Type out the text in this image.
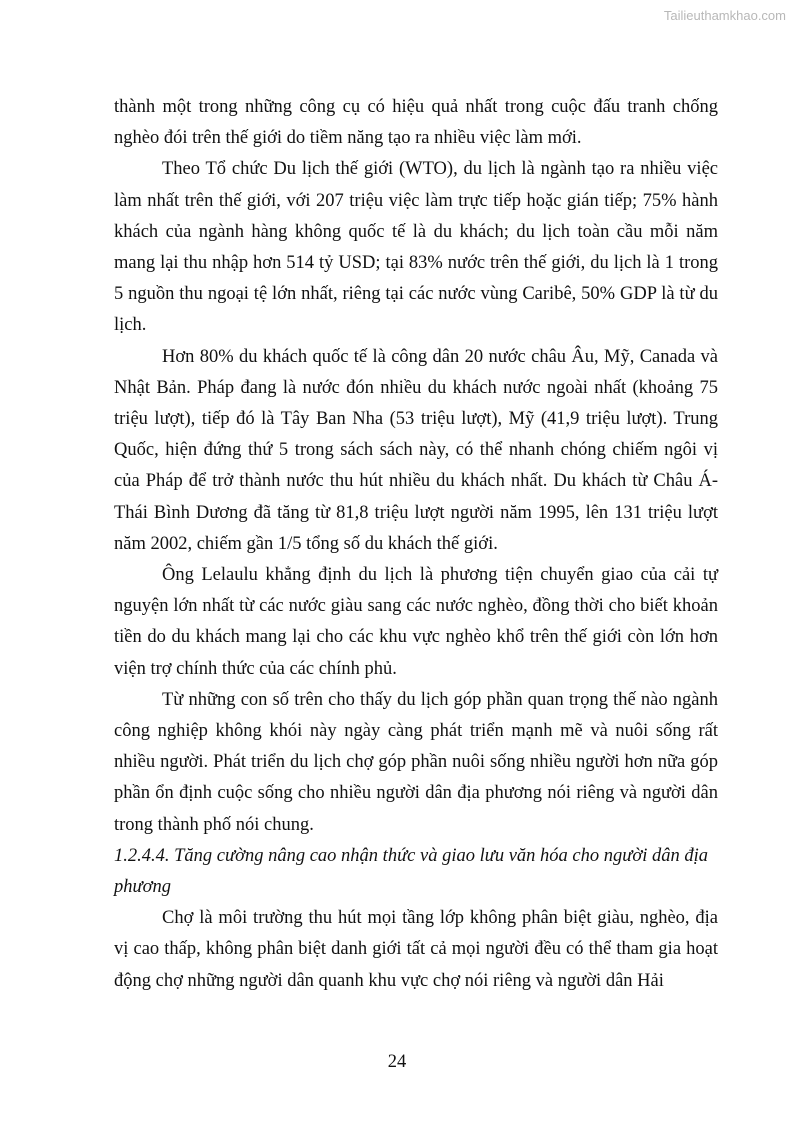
Tailieuthamkhao.com

thành một trong những công cụ có hiệu quả nhất trong cuộc đấu tranh chống nghèo đói trên thế giới do tiềm năng tạo ra nhiều việc làm mới.

Theo Tổ chức Du lịch thế giới (WTO), du lịch là ngành tạo ra nhiều việc làm nhất trên thế giới, với 207 triệu việc làm trực tiếp hoặc gián tiếp; 75% hành khách của ngành hàng không quốc tế là du khách; du lịch toàn cầu mỗi năm mang lại thu nhập hơn 514 tỷ USD; tại 83% nước trên thế giới, du lịch là 1 trong 5 nguồn thu ngoại tệ lớn nhất, riêng tại các nước vùng Caribê, 50% GDP là từ du lịch.

Hơn 80% du khách quốc tế là công dân 20 nước châu Âu, Mỹ, Canada và Nhật Bản. Pháp đang là nước đón nhiều du khách nước ngoài nhất (khoảng 75 triệu lượt), tiếp đó là Tây Ban Nha (53 triệu lượt), Mỹ (41,9 triệu lượt). Trung Quốc, hiện đứng thứ 5 trong sách sách này, có thể nhanh chóng chiếm ngôi vị của Pháp để trở thành nước thu hút nhiều du khách nhất. Du khách từ Châu Á- Thái Bình Dương đã tăng từ 81,8 triệu lượt người năm 1995, lên 131 triệu lượt năm 2002, chiếm gần 1/5 tổng số du khách thế giới.

Ông Lelaulu khẳng định du lịch là phương tiện chuyển giao của cải tự nguyện lớn nhất từ các nước giàu sang các nước nghèo, đồng thời cho biết khoản tiền do du khách mang lại cho các khu vực nghèo khổ trên thế giới còn lớn hơn viện trợ chính thức của các chính phủ.

Từ những con số trên cho thấy du lịch góp phần quan trọng thế nào ngành công nghiệp không khói này ngày càng phát triển mạnh mẽ và nuôi sống rất nhiều người. Phát triển du lịch chợ góp phần nuôi sống nhiều người hơn nữa góp phần ổn định cuộc sống cho nhiều người dân địa phương nói riêng và người dân trong thành phố nói chung.

1.2.4.4. Tăng cường nâng cao nhận thức và giao lưu văn hóa cho người dân địa phương

Chợ là môi trường thu hút mọi tầng lớp không phân biệt giàu, nghèo, địa vị cao thấp, không phân biệt danh giới tất cả mọi người đều có thể tham gia hoạt động chợ những người dân quanh khu vực chợ nói riêng và người dân Hải

24
